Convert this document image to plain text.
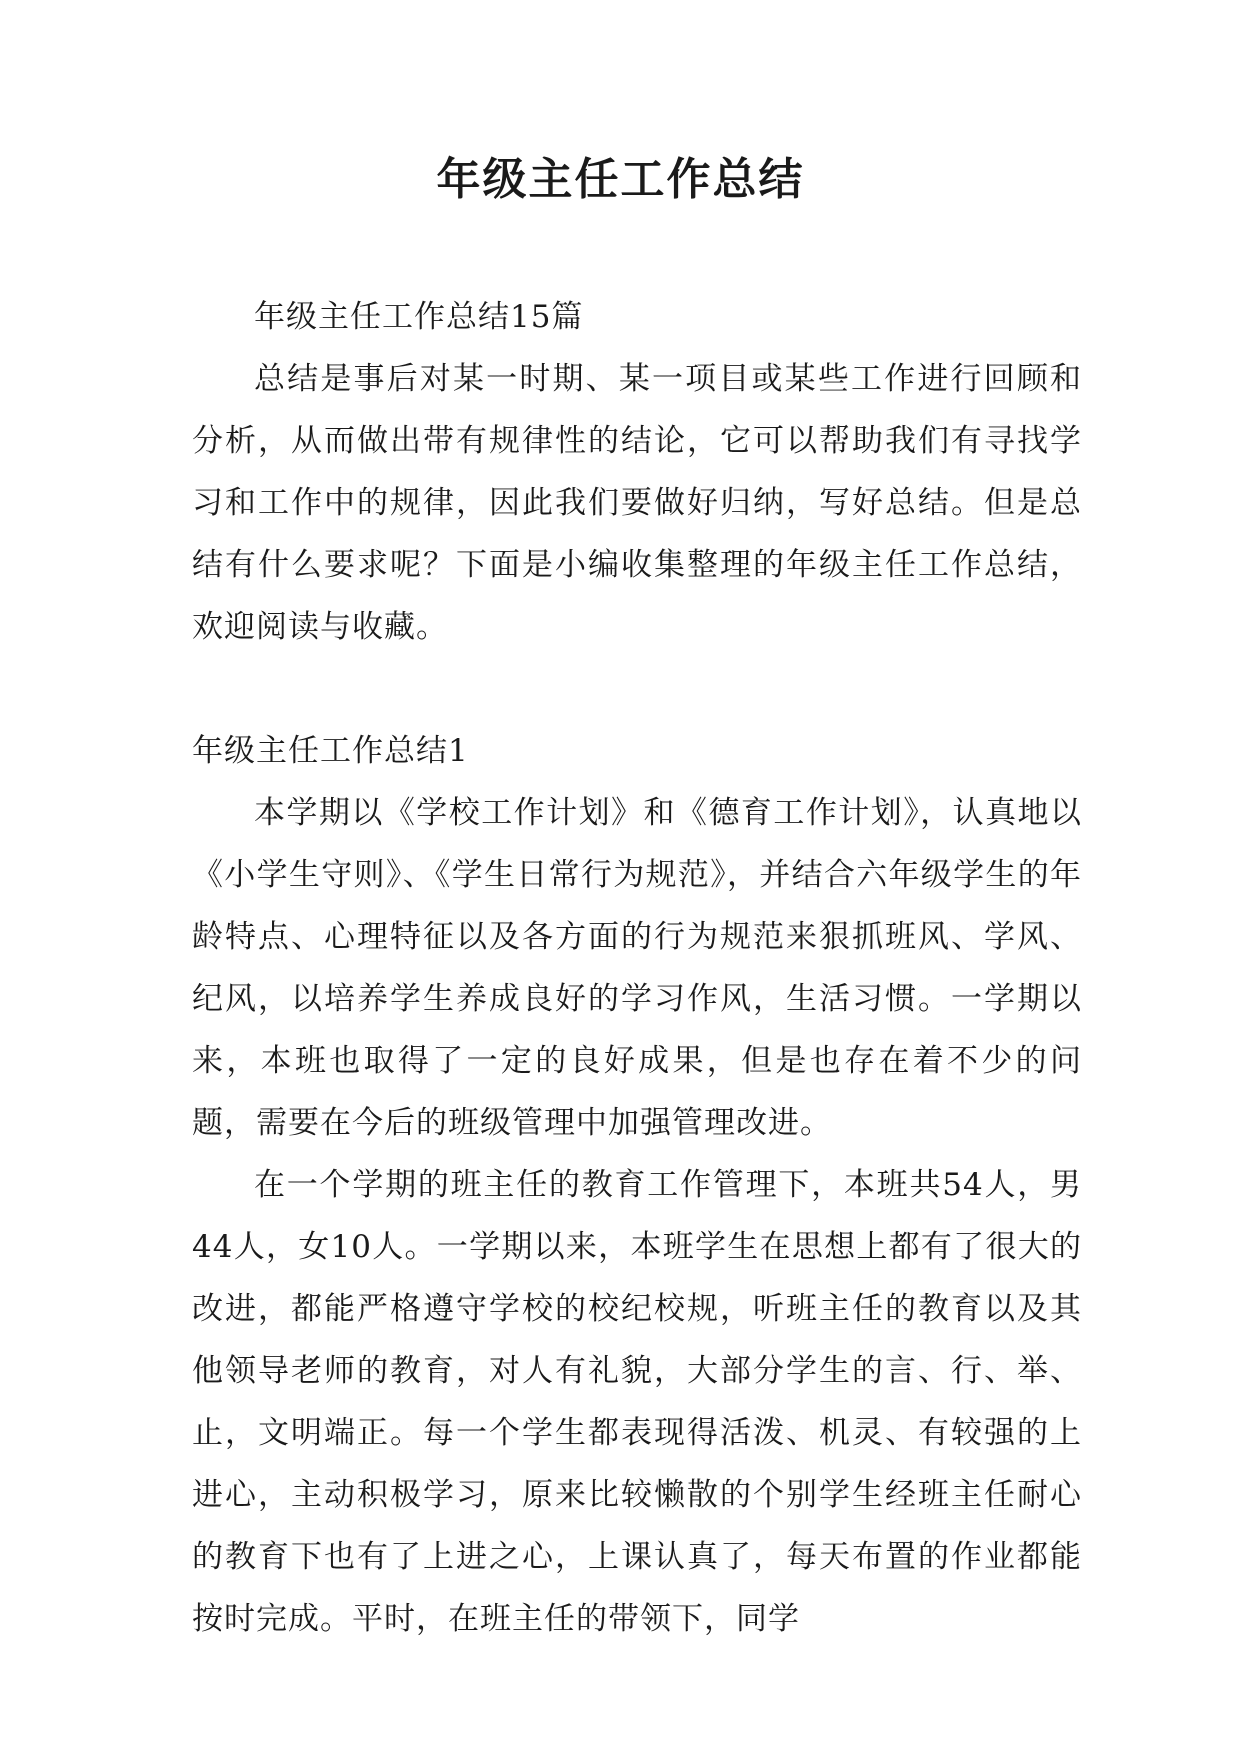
年级主任工作总结

年级主任工作总结15篇

总结是事后对某一时期、某一项目或某些工作进行回顾和分析，从而做出带有规律性的结论，它可以帮助我们有寻找学习和工作中的规律，因此我们要做好归纳，写好总结。但是总结有什么要求呢？下面是小编收集整理的年级主任工作总结，欢迎阅读与收藏。

年级主任工作总结1

本学期以《学校工作计划》和《德育工作计划》，认真地以《小学生守则》、《学生日常行为规范》，并结合六年级学生的年龄特点、心理特征以及各方面的行为规范来狠抓班风、学风、纪风，以培养学生养成良好的学习作风，生活习惯。一学期以来，本班也取得了一定的良好成果，但是也存在着不少的问题，需要在今后的班级管理中加强管理改进。

在一个学期的班主任的教育工作管理下，本班共54人，男44人，女10人。一学期以来，本班学生在思想上都有了很大的改进，都能严格遵守学校的校纪校规，听班主任的教育以及其他领导老师的教育，对人有礼貌，大部分学生的言、行、举、止，文明端正。每一个学生都表现得活泼、机灵、有较强的上进心，主动积极学习，原来比较懒散的个别学生经班主任耐心的教育下也有了上进之心，上课认真了，每天布置的作业都能按时完成。平时，在班主任的带领下，同学
